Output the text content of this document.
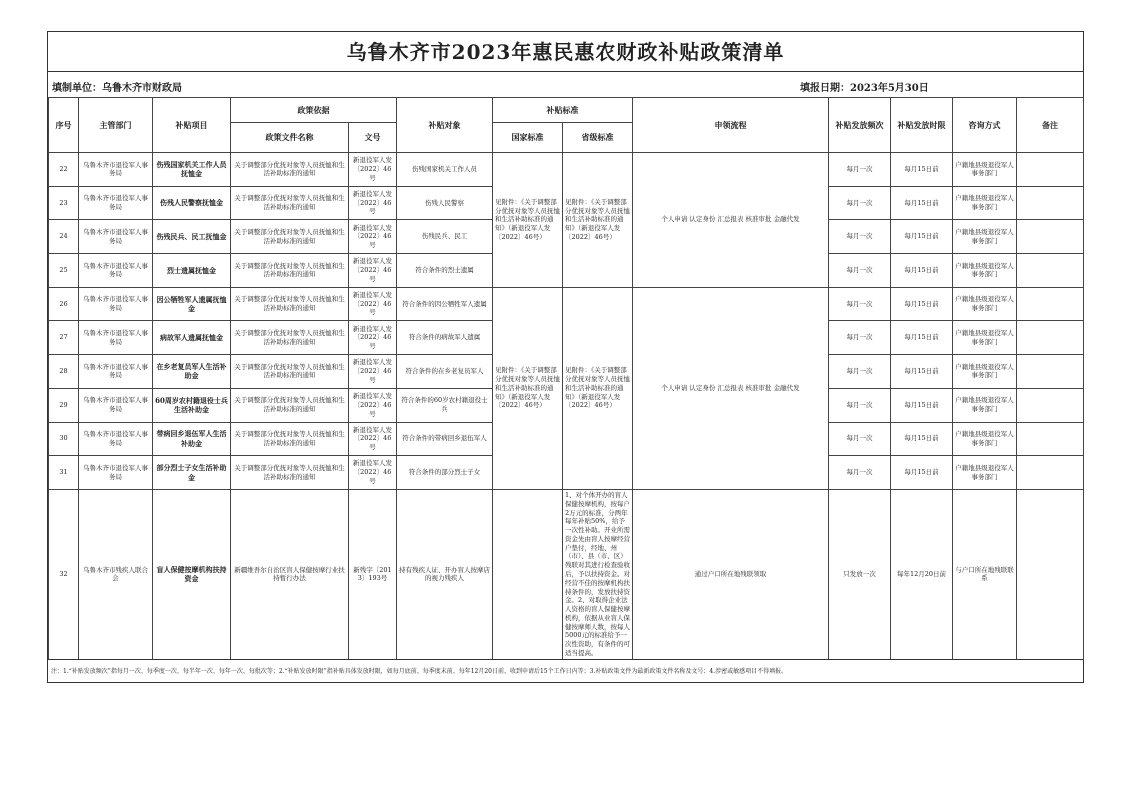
乌鲁木齐市2023年惠民惠农财政补贴政策清单
填制单位：乌鲁木齐市财政局	填报日期：2023年5月30日
序号	主管部门	补贴项目	政策依据		补贴对象	补贴标准		申领流程	补贴发放频次	补贴发放时限	咨询方式	备注
			政策文件名称	文号		国家标准	省级标准					
22	乌鲁木齐市退役军人事务局	伤残国家机关工作人员抚恤金	关于调整部分优抚对象等人员抚恤和生活补助标准的通知	新退役军人发〔2022〕46号	伤残国家机关工作人员	见附件：《关于调整部分优抚对象等人员抚恤和生活补助标准的通知》（新退役军人发〔2022〕46号）	见附件：《关于调整部分优抚对象等人员抚恤和生活补助标准的通知》（新退役军人发〔2022〕46号）	个人申请 认定身份 汇总报表 核准审批 金融代发	每月一次	每月15日前	户籍地县级退役军人事务部门	
23	乌鲁木齐市退役军人事务局	伤残人民警察抚恤金	关于调整部分优抚对象等人员抚恤和生活补助标准的通知	新退役军人发〔2022〕46号	伤残人民警察				每月一次	每月15日前	户籍地县级退役军人事务部门	
24	乌鲁木齐市退役军人事务局	伤残民兵、民工抚恤金	关于调整部分优抚对象等人员抚恤和生活补助标准的通知	新退役军人发〔2022〕46号	伤残民兵、民工				每月一次	每月15日前	户籍地县级退役军人事务部门	
25	乌鲁木齐市退役军人事务局	烈士遗属抚恤金	关于调整部分优抚对象等人员抚恤和生活补助标准的通知	新退役军人发〔2022〕46号	符合条件的烈士遗属				每月一次	每月15日前	户籍地县级退役军人事务部门	
26	乌鲁木齐市退役军人事务局	因公牺牲军人遗属抚恤金	关于调整部分优抚对象等人员抚恤和生活补助标准的通知	新退役军人发〔2022〕46号	符合条件的因公牺牲军人遗属	见附件：《关于调整部分优抚对象等人员抚恤和生活补助标准的通知》（新退役军人发〔2022〕46号）	见附件：《关于调整部分优抚对象等人员抚恤和生活补助标准的通知》（新退役军人发〔2022〕46号）	个人申请 认定身份 汇总报表 核准审批 金融代发	每月一次	每月15日前	户籍地县级退役军人事务部门	
27	乌鲁木齐市退役军人事务局	病故军人遗属抚恤金	关于调整部分优抚对象等人员抚恤和生活补助标准的通知	新退役军人发〔2022〕46号	符合条件的病故军人遗属				每月一次	每月15日前	户籍地县级退役军人事务部门	
28	乌鲁木齐市退役军人事务局	在乡老复员军人生活补助金	关于调整部分优抚对象等人员抚恤和生活补助标准的通知	新退役军人发〔2022〕46号	符合条件的在乡老复员军人				每月一次	每月15日前	户籍地县级退役军人事务部门	
29	乌鲁木齐市退役军人事务局	60周岁农村籍退役士兵生活补助金	关于调整部分优抚对象等人员抚恤和生活补助标准的通知	新退役军人发〔2022〕46号	符合条件的60岁农村籍退役士兵				每月一次	每月15日前	户籍地县级退役军人事务部门	
30	乌鲁木齐市退役军人事务局	带病回乡退伍军人生活补助金	关于调整部分优抚对象等人员抚恤和生活补助标准的通知	新退役军人发〔2022〕46号	符合条件的带病回乡退伍军人				每月一次	每月15日前	户籍地县级退役军人事务部门	
31	乌鲁木齐市退役军人事务局	部分烈士子女生活补助金	关于调整部分优抚对象等人员抚恤和生活补助标准的通知	新退役军人发〔2022〕46号	符合条件的部分烈士子女				每月一次	每月15日前	户籍地县级退役军人事务部门	
32	乌鲁木齐市残疾人联合会	盲人保健按摩机构扶持资金	新疆维吾尔自治区盲人保健按摩行业扶持暂行办法	新残字〔2013〕193号	持有残疾人证、开办盲人按摩店的视力残疾人		1、对个体开办的盲人保健按摩机构，按每户2万元的标准，分两年每年补贴50%，给予一次性补助。开业所需资金先由盲人按摩经营户垫付，经地、州（市）、县（市、区）残联对其进行检查验收后，予以扶持资金。对经营不佳的按摩机构扶持条件的，发放扶持资金。2、对取得企业法人资格的盲人保健按摩机构，依据从业盲人保健按摩师人数，按每人5000元的标准给予一次性资助，有条件的可适当提高。	通过户口所在地残联领取	只发放一次	每年12月20日前	与户口所在地残联联系	
注：1.“补贴发放频次”指每月一次、每季度一次、每半年一次、每年一次、每批次等；2.“补贴发放时限”指补贴具体发放时限，如每月底前、每季度末前、每年12月20日前、收到申请后15个工作日内等；3.补贴政策文件为最新政策文件名称及文号；4.涉密或敏感项目不得填报。
